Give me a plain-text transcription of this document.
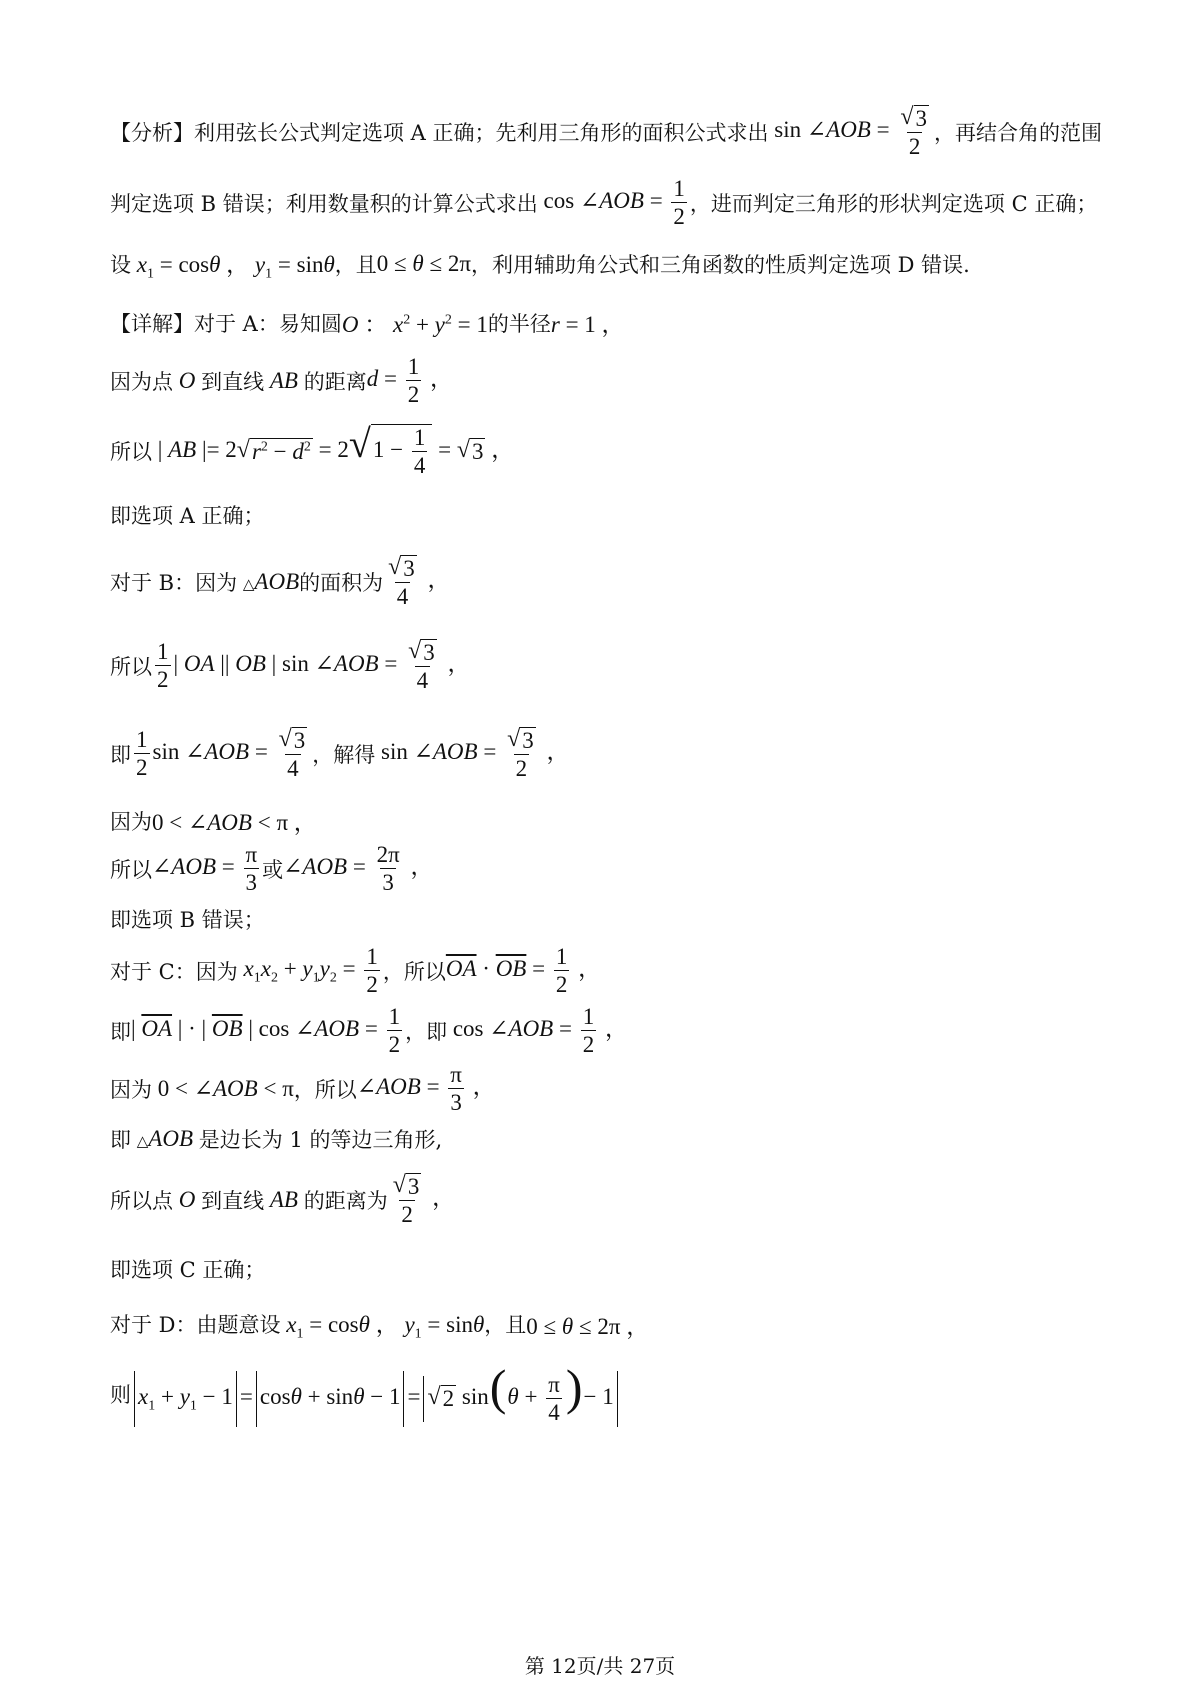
【分析】 利用弦长公式判定选项 A 正确；先利用三角形的面积公式求出 sin ∠AOB = $\frac{√ 3}{2}$ ，再结合角的范围
判定选项 B 错误；利用数量积的计算公式求出 cos ∠AOB = $\frac{1}{2}$ ，进而判定三角形的形状判定选项 C 正确；
设 $x_1 = \cos\theta$ ， $y_1 = \sin\theta$ ，且 0 ≤ θ ≤ 2π ，利用辅助角公式和三角函数的性质判定选项 D 错误.
【详解】 对于 A：易知圆 O ： $x^2 + y^2 = 1$ 的半径 r = 1 ，
因为点 O 到直线 AB 的距离 $d = \frac{1}{2}$ ，
所以 | AB |= 2 √ $r^2 - d^2 = 2$ √ $1 - \frac{1}{4}$ = √ 3 ，
即选项 A 正确；
对于 B：因为 △AOB 的面积为 $\frac{√ 3}{4}$ ，
所以 $\frac{1}{2}$ | OA || OB | sin ∠AOB = $\frac{√ 3}{4}$ ，
即 $\frac{1}{2}$ sin ∠AOB = $\frac{√ 3}{4}$ ，解得 sin ∠AOB = $\frac{√ 3}{2}$ ，
因为 0 < ∠AOB < π ，
所以 ∠AOB = $\frac{\pi}{3}$ 或 ∠AOB = $\frac{2\pi}{3}$ ，
即选项 B 错误；
对于 C：因为 $x_1x_2 + y_1y_2 = \frac{1}{2}$ ，所以 $\overline{OA} \cdot \overline{OB} = \frac{1}{2}$ ，
即 | $\overline{OA}$ | · | $\overline{OB}$ | cos ∠AOB = $\frac{1}{2}$ ，即 cos ∠AOB = $\frac{1}{2}$ ，
因为 0 < ∠AOB < π ，所以 ∠AOB = $\frac{\pi}{3}$ ，
即 △AOB 是边长为 1 的等边三角形,
所以点 O 到直线 AB 的距离为 $\frac{√ 3}{2}$ ，
即选项 C 正确；
对于 D：由题意设 $x_1 = \cos\theta$ ， $y_1 = \sin\theta$ ，且 0 ≤ θ ≤ 2π ，
则 $x_1 + y_1 - 1 = \cos\theta + \sin\theta - 1$ = √ 2 $\sin(\theta + \frac{\pi}{4}$ )− 1
第 12页/共 27页
